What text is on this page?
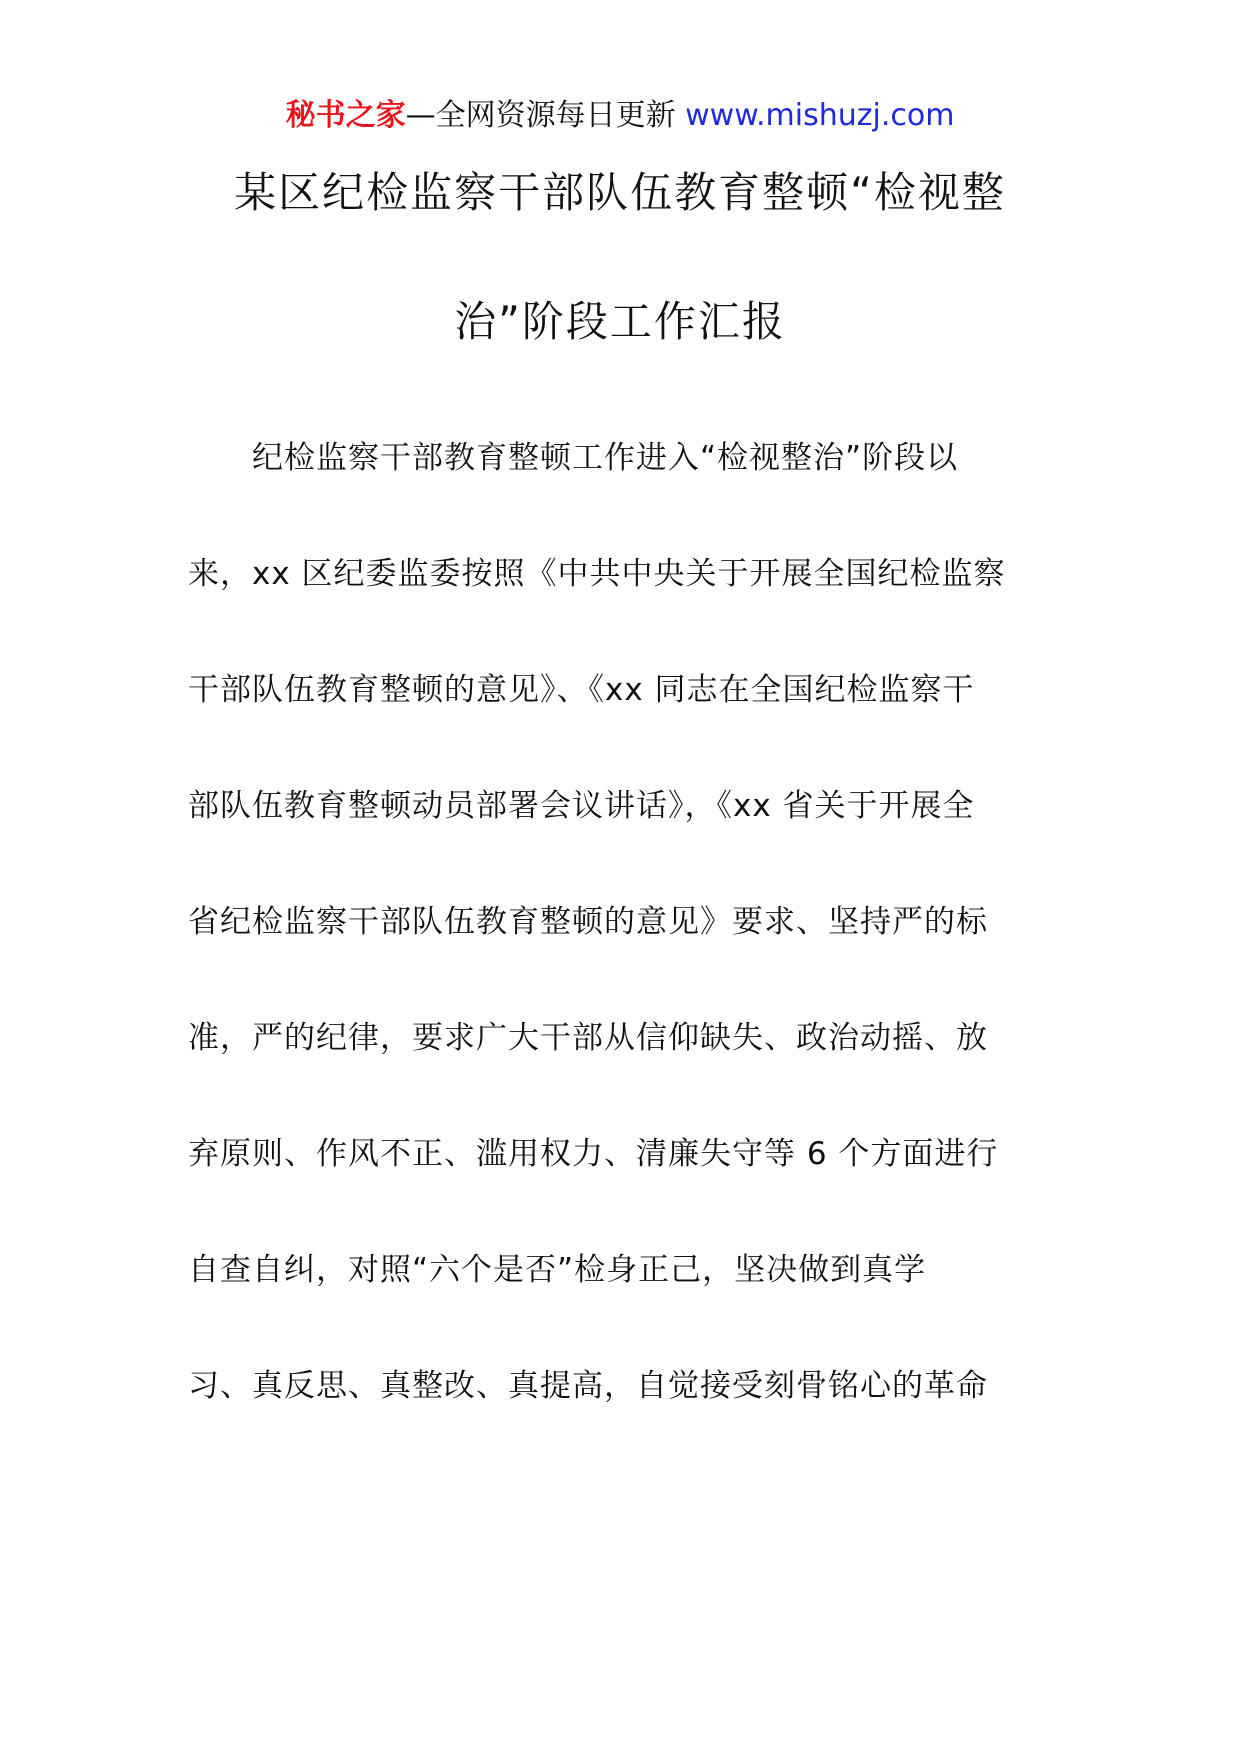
秘书之家—全网资源每日更新 www.mishuzj.com
某区纪检监察干部队伍教育整顿“检视整
治”阶段工作汇报
纪检监察干部教育整顿工作进入“检视整治”阶段以
来，xx 区纪委监委按照《中共中央关于开展全国纪检监察
干部队伍教育整顿的意见》、《xx 同志在全国纪检监察干
部队伍教育整顿动员部署会议讲话》，《xx 省关于开展全
省纪检监察干部队伍教育整顿的意见》要求、坚持严的标
准，严的纪律，要求广大干部从信仰缺失、政治动摇、放
弃原则、作风不正、滥用权力、清廉失守等 6 个方面进行
自查自纠，对照“六个是否”检身正己，坚决做到真学
习、真反思、真整改、真提高，自觉接受刻骨铭心的革命
